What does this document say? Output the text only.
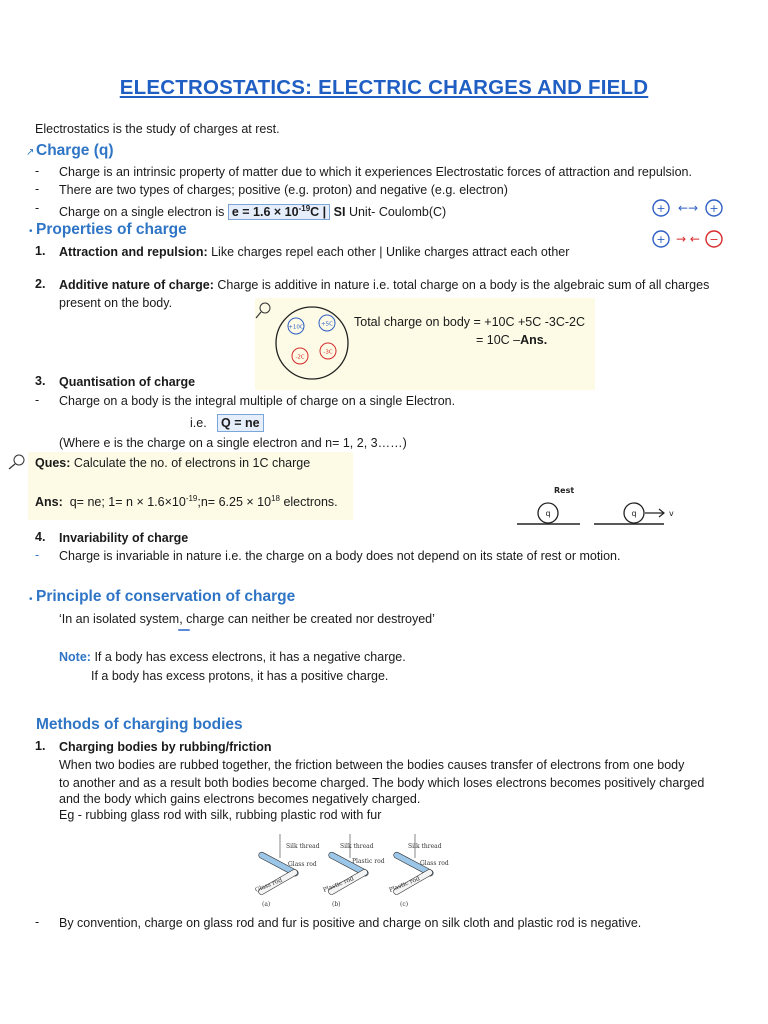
ELECTROSTATICS: ELECTRIC CHARGES AND FIELD
Electrostatics is the study of charges at rest.
↗ Charge (q)
- Charge is an intrinsic property of matter due to which it experiences Electrostatic forces of attraction and repulsion.
- There are two types of charges; positive (e.g. proton) and negative (e.g. electron)
- Charge on a single electron is $e = 1.6 \times 10^{-19}C$ | SI Unit- Coulomb(C)	+ ←→ +
+ → ← −
• Properties of charge
1. Attraction and repulsion: Like charges repel each other | Unlike charges attract each other
2. Additive nature of charge: Charge is additive in nature i.e. total charge on a body is the algebraic sum of all charges
present on the body.
+10C	+5C
-2C
-3C
Total charge on body = +10C +5C -3C-2C
= 10C –Ans.
3. Quantisation of charge
- Charge on a body is the integral multiple of charge on a single Electron.
i.e.	Q = ne
(Where e is the charge on a single electron and n= 1, 2, 3……)
Ques: Calculate the no. of electrons in 1C charge
Ans: q= ne; $1= n \times 1.6\times 10^{-19};n= 6.25 \times 10^{18}$ electrons.
Rest
q	q	v
4. Invariability of charge
- Charge is invariable in nature i.e. the charge on a body does not depend on its state of rest or motion.
• Principle of conservation of charge
‘In an isolated system, charge can neither be created nor destroyed’
Note: If a body has excess electrons, it has a negative charge.
If a body has excess protons, it has a positive charge.
Methods of charging bodies
1. Charging bodies by rubbing/friction
When two bodies are rubbed together, the friction between the bodies causes transfer of electrons from one body
to another and as a result both bodies become charged. The body which loses electrons becomes positively charged
and the body which gains electrons becomes negatively charged.
Eg - rubbing glass rod with silk, rubbing plastic rod with fur
Silk thread
Glass rod
Glass rod
(a)
Silk thread
Plastic rod
Plastic rod
(b)
Silk thread
Glass rod
Plastic rod
(c)
- By convention, charge on glass rod and fur is positive and charge on silk cloth and plastic rod is negative.
